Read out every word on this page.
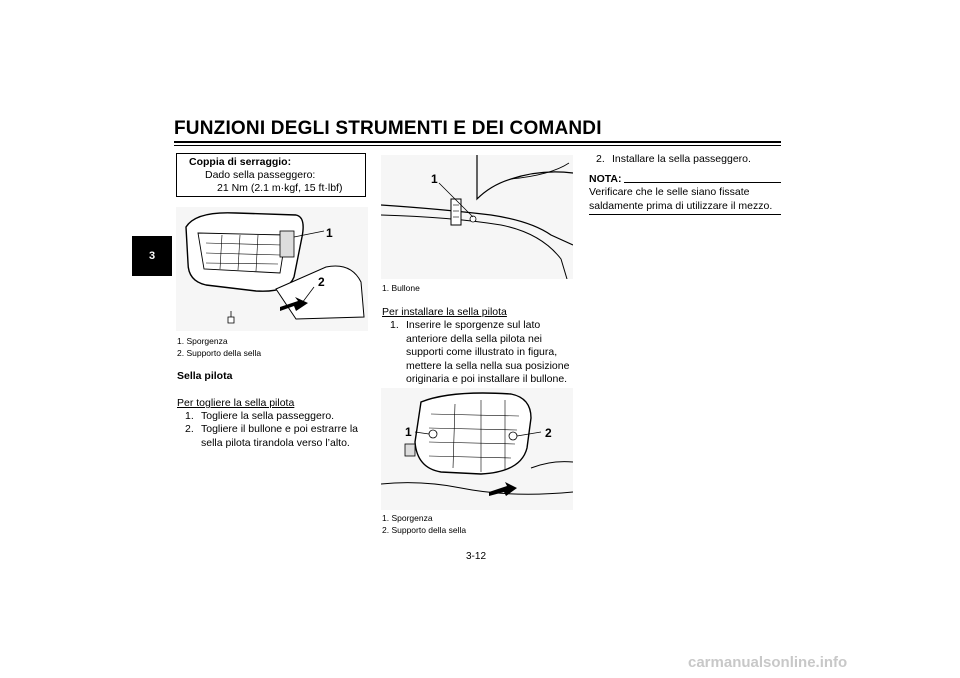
FUNZIONI DEGLI STRUMENTI E DEI COMANDI
3
Coppia di serraggio:
Dado sella passeggero:
21 Nm (2.1 m·kgf, 15 ft·lbf)
1
2
1. Sporgenza
2. Supporto della sella
Sella pilota
Per togliere la sella pilota
1. Togliere la sella passeggero.
2. Togliere il bullone e poi estrarre la sella pilota tirandola verso l’alto.
1
1. Bullone
Per installare la sella pilota
1. Inserire le sporgenze sul lato anteriore della sella pilota nei supporti come illustrato in figura, mettere la sella nella sua posizione originaria e poi installare il bullone.
1	2
1. Sporgenza
2. Supporto della sella
2. Installare la sella passeggero.
NOTA:
Verificare che le selle siano fissate saldamente prima di utilizzare il mezzo.
3-12
carmanualsonline.info
